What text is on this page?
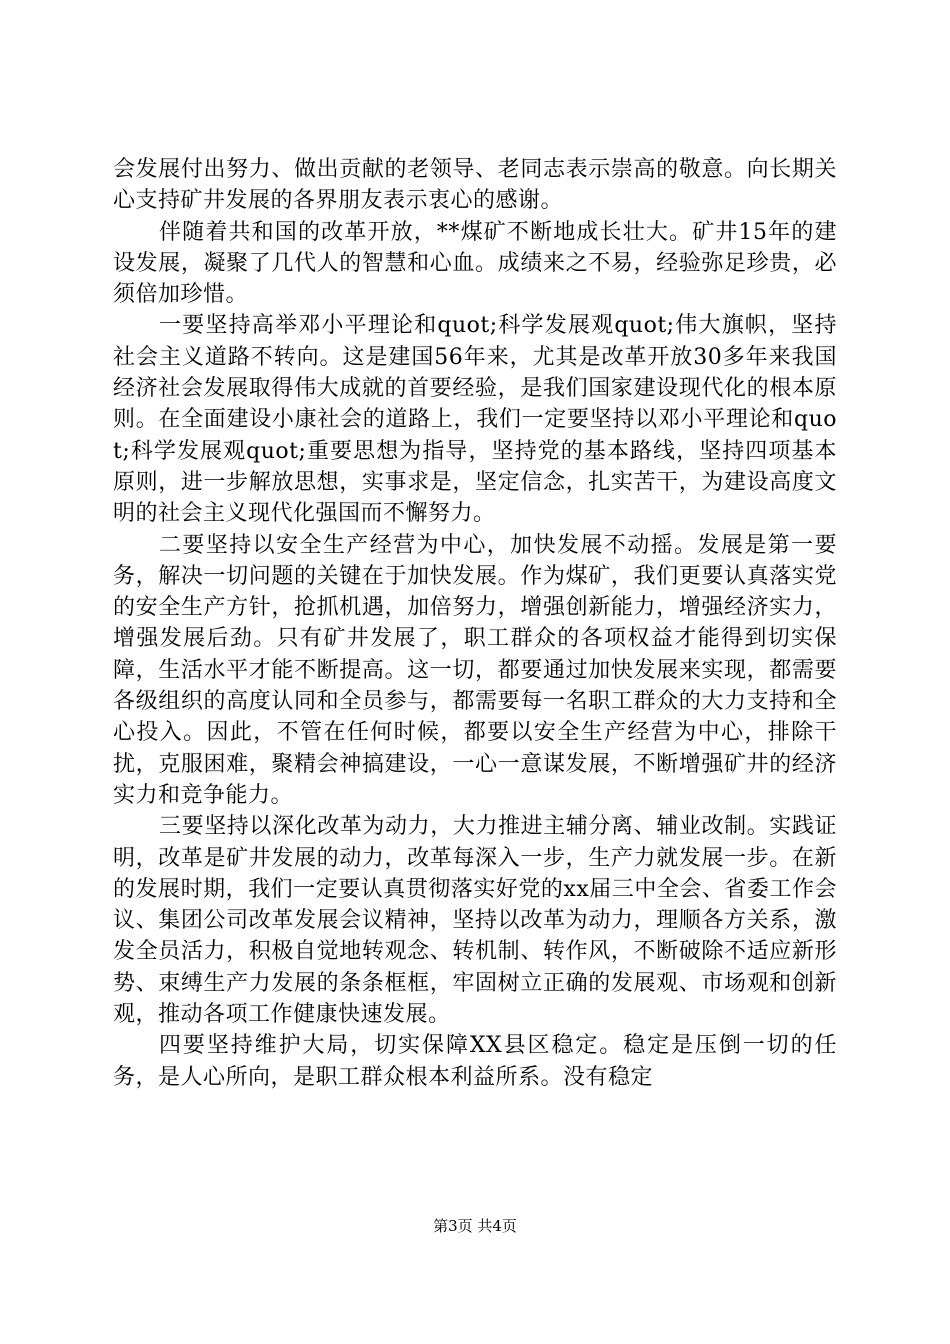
会发展付出努力、做出贡献的老领导、老同志表示崇高的敬意。向长期关心支持矿井发展的各界朋友表示衷心的感谢。

伴随着共和国的改革开放，**煤矿不断地成长壮大。矿井15年的建设发展，凝聚了几代人的智慧和心血。成绩来之不易，经验弥足珍贵，必须倍加珍惜。

一要坚持高举邓小平理论和quot;科学发展观quot;伟大旗帜，坚持社会主义道路不转向。这是建国56年来，尤其是改革开放30多年来我国经济社会发展取得伟大成就的首要经验，是我们国家建设现代化的根本原则。在全面建设小康社会的道路上，我们一定要坚持以邓小平理论和quot;科学发展观quot;重要思想为指导，坚持党的基本路线，坚持四项基本原则，进一步解放思想，实事求是，坚定信念，扎实苦干，为建设高度文明的社会主义现代化强国而不懈努力。

二要坚持以安全生产经营为中心，加快发展不动摇。发展是第一要务，解决一切问题的关键在于加快发展。作为煤矿，我们更要认真落实党的安全生产方针，抢抓机遇，加倍努力，增强创新能力，增强经济实力，增强发展后劲。只有矿井发展了，职工群众的各项权益才能得到切实保障，生活水平才能不断提高。这一切，都要通过加快发展来实现，都需要各级组织的高度认同和全员参与，都需要每一名职工群众的大力支持和全心投入。因此，不管在任何时候，都要以安全生产经营为中心，排除干扰，克服困难，聚精会神搞建设，一心一意谋发展，不断增强矿井的经济实力和竞争能力。

三要坚持以深化改革为动力，大力推进主辅分离、辅业改制。实践证明，改革是矿井发展的动力，改革每深入一步，生产力就发展一步。在新的发展时期，我们一定要认真贯彻落实好党的xx届三中全会、省委工作会议、集团公司改革发展会议精神，坚持以改革为动力，理顺各方关系，激发全员活力，积极自觉地转观念、转机制、转作风，不断破除不适应新形势、束缚生产力发展的条条框框，牢固树立正确的发展观、市场观和创新观，推动各项工作健康快速发展。

四要坚持维护大局，切实保障XX县区稳定。稳定是压倒一切的任务，是人心所向，是职工群众根本利益所系。没有稳定

第3页 共4页
